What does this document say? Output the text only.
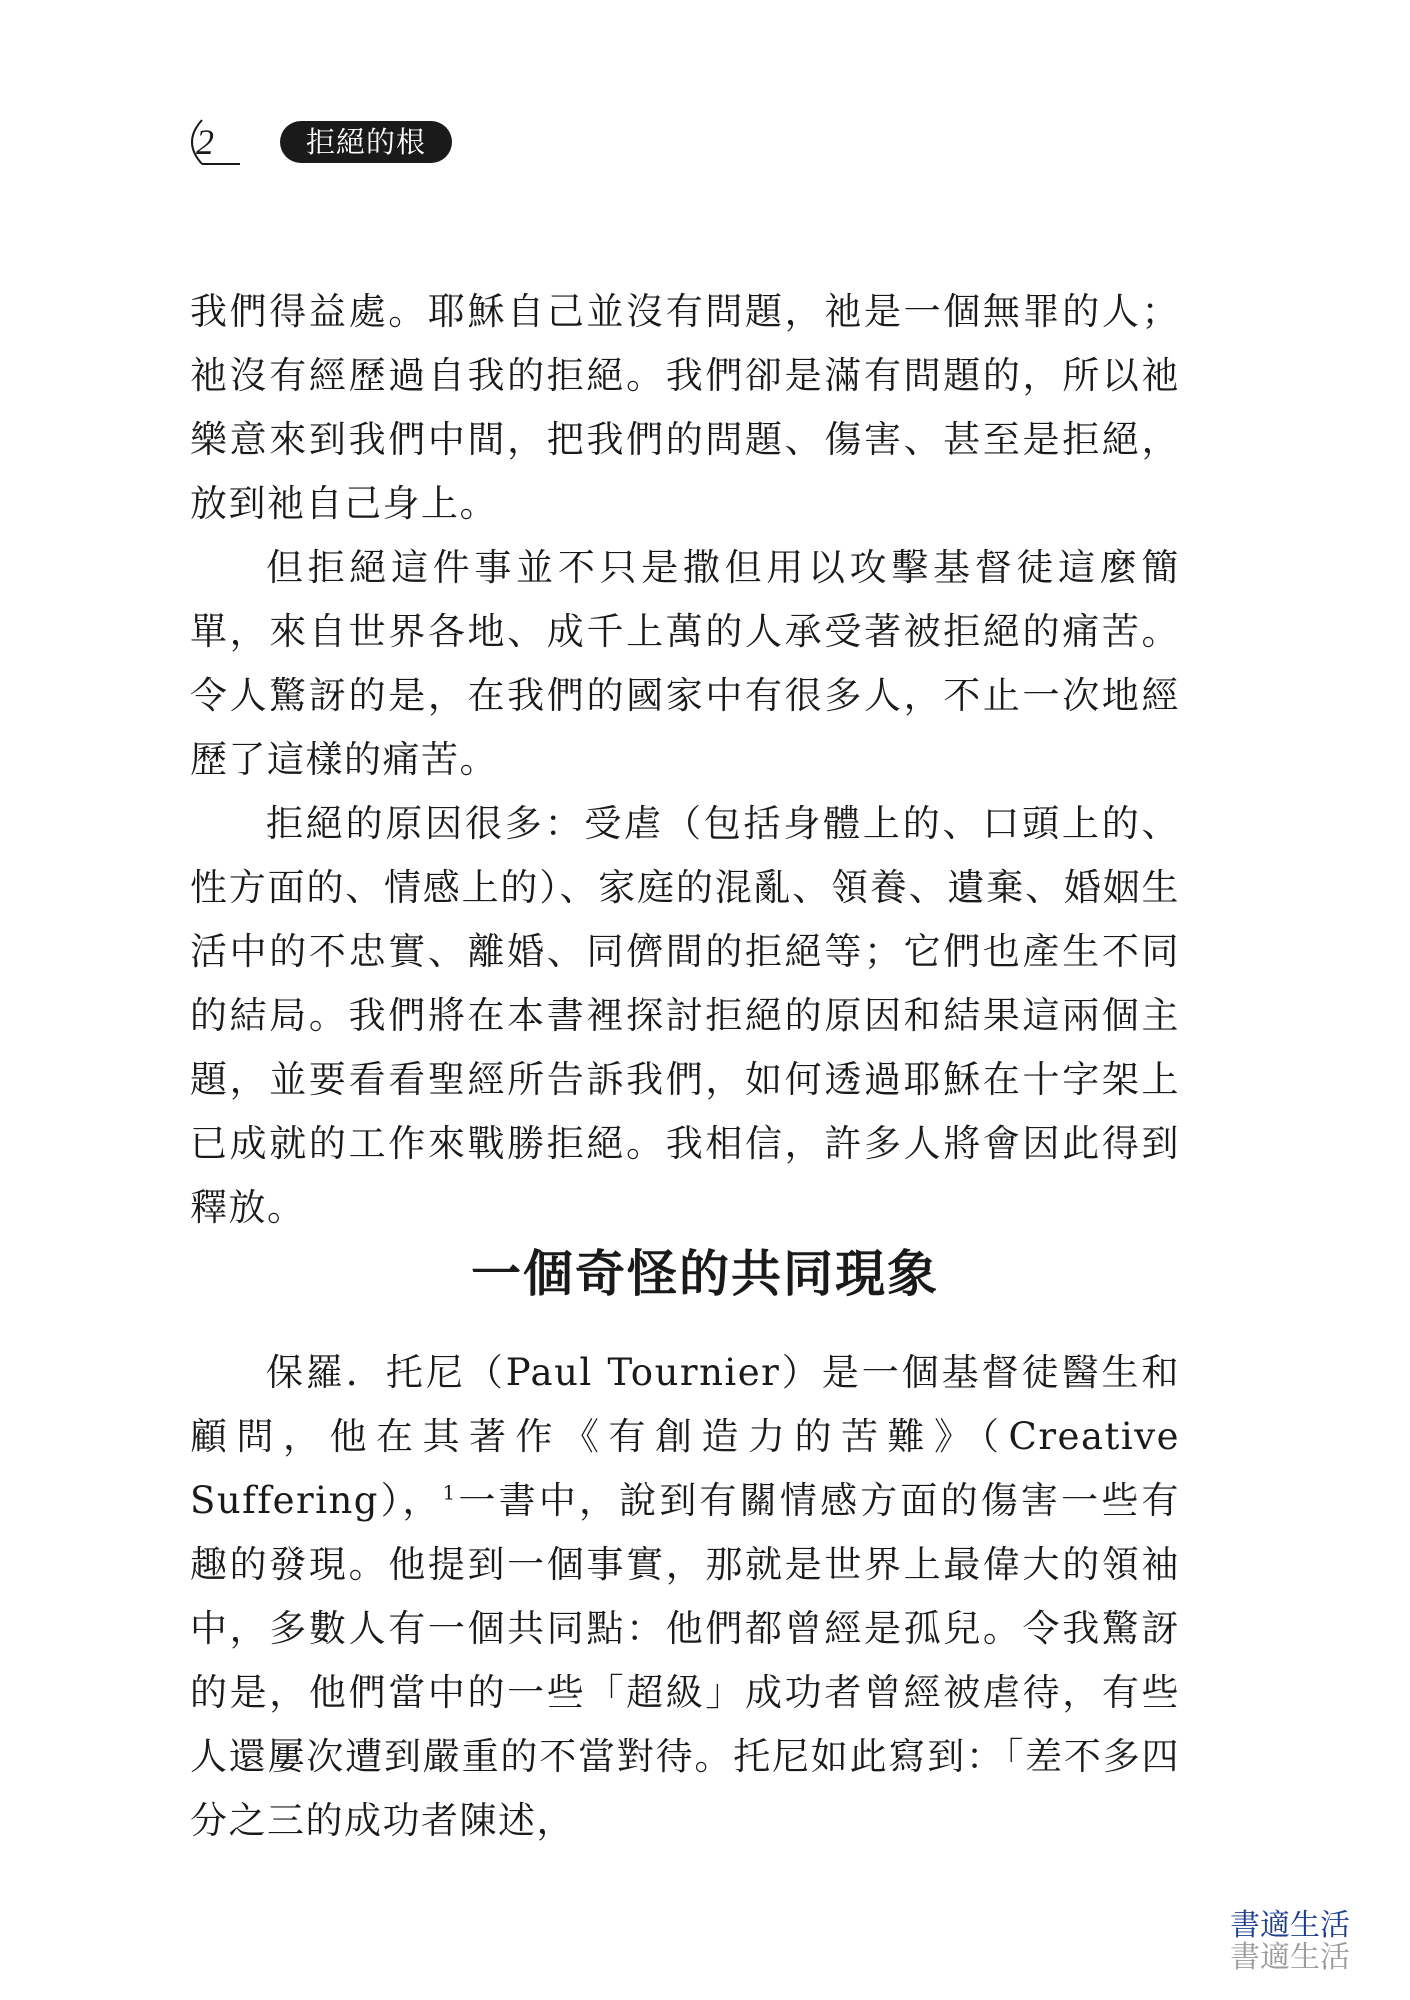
2	拒絕的根

我們得益處。耶穌自己並沒有問題，祂是一個無罪的人；祂沒有經歷過自我的拒絕。我們卻是滿有問題的，所以祂樂意來到我們中間，把我們的問題、傷害、甚至是拒絕，放到祂自己身上。

但拒絕這件事並不只是撒但用以攻擊基督徒這麼簡單，來自世界各地、成千上萬的人承受著被拒絕的痛苦。令人驚訝的是，在我們的國家中有很多人，不止一次地經歷了這樣的痛苦。

拒絕的原因很多：受虐（包括身體上的、口頭上的、性方面的、情感上的）、家庭的混亂、領養、遺棄、婚姻生活中的不忠實、離婚、同儕間的拒絕等；它們也產生不同的結局。我們將在本書裡探討拒絕的原因和結果這兩個主題，並要看看聖經所告訴我們，如何透過耶穌在十字架上已成就的工作來戰勝拒絕。我相信，許多人將會因此得到釋放。

一個奇怪的共同現象

保羅．托尼（Paul Tournier）是一個基督徒醫生和顧問，他在其著作《有創造力的苦難》（Creative Suffering），$^1$一書中，說到有關情感方面的傷害一些有趣的發現。他提到一個事實，那就是世界上最偉大的領袖中，多數人有一個共同點：他們都曾經是孤兒。令我驚訝的是，他們當中的一些「超級」成功者曾經被虐待，有些人還屢次遭到嚴重的不當對待。托尼如此寫到：「差不多四分之三的成功者陳述，

書適生活
書適生活
